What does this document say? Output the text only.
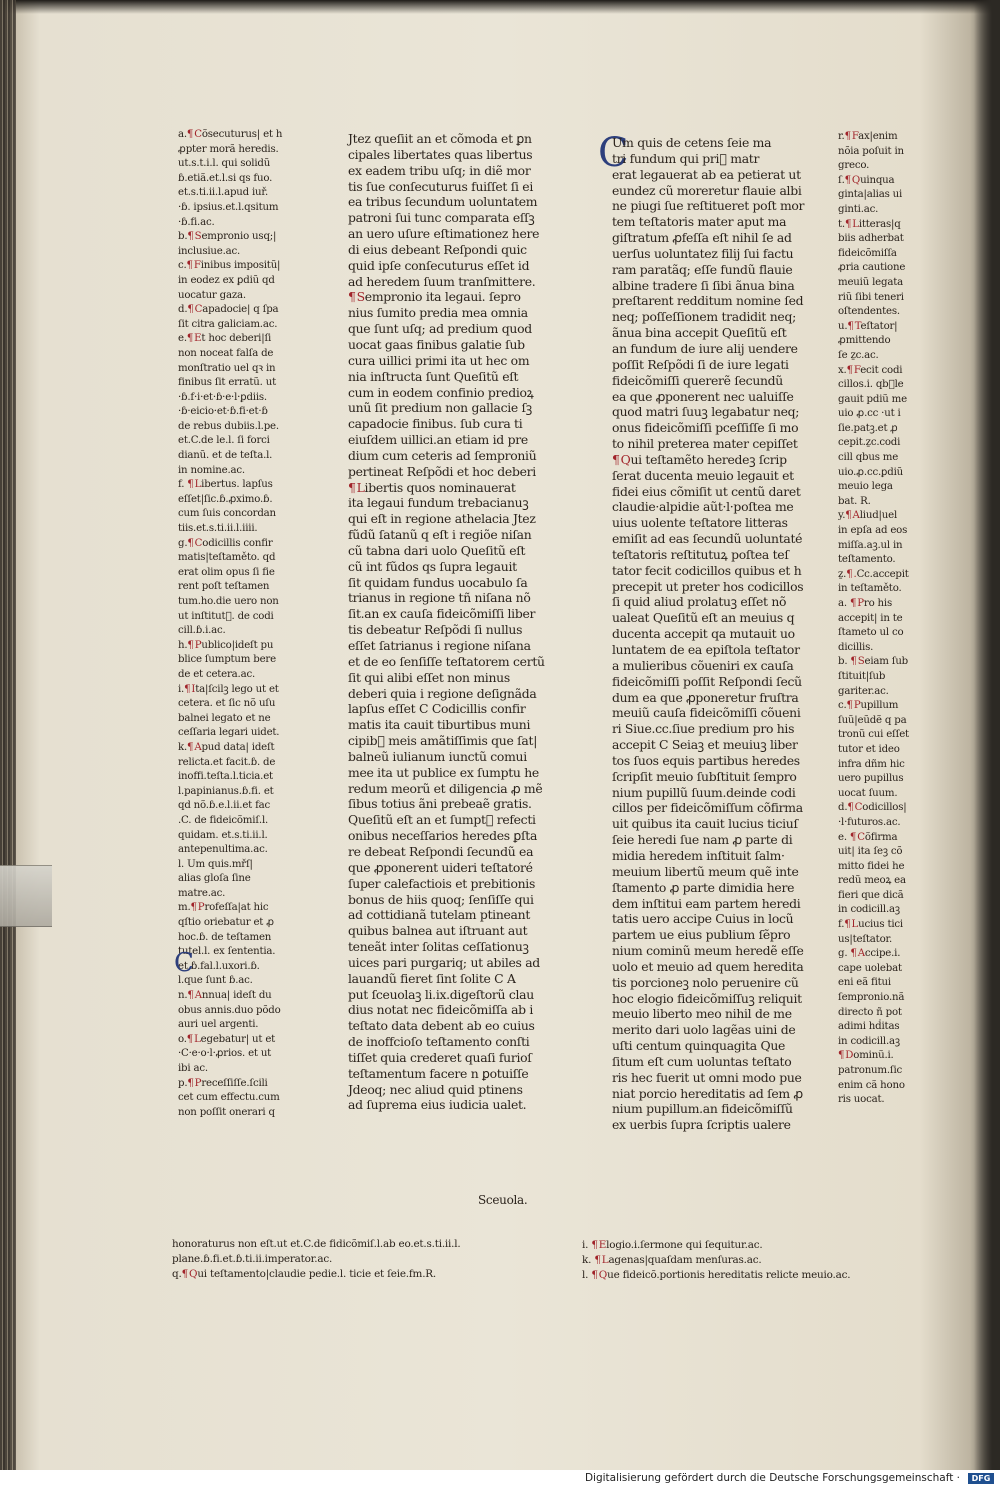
a.¶Cõsecuturus| et h
ꝓpter morã heredis.
ut.s.t.i.l. qui solidũ
ɓ.etiã.et.l.si qs fuo.
et.s.ti.ii.l.apud iuř.
·ɓ. ipsius.et.l.qsitum
·ɓ.fi.ac.
b.¶Sempronio usq;|
inclusiue.ac.
c.¶Finibus impositũ|
in eodez ex ꝑdiũ qd
uocatur gaza.
d.¶Capadocie| q ſpa
ſit citra galiciam.ac.
e.¶Et hoc deberi|ſi
non noceat falſa de
monſtratio uel qꝛ in
finibus ſit erratũ. ut
·ɓ.f·i·et·ɓ·e·l·ꝑdiis.
·ɓ·eicio·et·ɓ.fi·et·ɓ
de rebus dubiis.l.pe.
et.C.de le.l. ſi forci
dianũ. et de teſta.l.
in nomine.ac.
f. ¶Libertus. lapſus
eſſet|ſic.ɓ.ꝓximo.ɓ.
cum ſuis concordan
tiis.et.s.ti.ii.l.iiii.
g.¶Codicillis confir
matis|teſtaměto. qd
erat olim opus ſi fie
rent poſt teſtamen
tum.ho.die uero non
ut inſtitut᷑. de codi
cill.ɓ.i.ac.
h.¶Publico|ideſt pu
blice ſumptum bere
de et cetera.ac.
i.¶Ita|ſcilꝫ lego ut et
cetera. et ſic nõ uſu
balnei legato et ne
ceſſaria legari uidet.
k.¶Apud data| ideſt
relicta.et facit.ɓ. de
inoffi.teſta.l.ticia.et
l.papinianus.ɓ.fi. et
qd nõ.ɓ.e.l.ii.et fac
.C. de fideicõmiſ.l.
quidam. et.s.ti.ii.l.
antepenultima.ac.
l. Um quis.mřſ|
alias gloſa ſine
matre.ac.
m.¶Profeſſa|at hic
qſtio oriebatur et ꝓ
hoc.ɓ. de teſtamen
tutel.l. ex ſententia.
et.ɓ.fal.l.uxori.ɓ.
l.que ſunt ɓ.ac.
n.¶Annua| ideſt du
obus annis.duo põdo
auri uel argenti.
o.¶Legebatur| ut et
·C·e·o·l·ꝓrios. et ut
ibi ac.
p.¶Preceſſiſſe.ſcili
cet cum effectu.cum
non poſſit onerari q
Jtez queſiit an et cõmoda et ꝑn
cipales libertates quas libertus
ex eadem tribu uſq; in diẽ mor
tis ſue conſecuturus fuiſſet ſi ei
ea tribus ſecundum uoluntatem
patroni ſui tunc comparata eſſꝫ
an uero uſure eſtimationez here
di eius debeant Reſpondi quic
quid ipſe conſecuturus eſſet id
ad heredem ſuum tranſmittere.
¶Sempronio ita legaui. ſepro
nius ſumito predia mea omnia
que ſunt uſq; ad predium quod
uocat gaas finibus galatie ſub
cura uillici primi ita ut hec om
nia inſtructa ſunt Queſitũ eſt
cum in eodem confinio predioꝝ
unũ ſit predium non gallacie ſꝫ
capadocie finibus. ſub cura ti
eiuſdem uillici.an etiam id pre
dium cum ceteris ad ſemproniũ
pertineat Reſpõdi et hoc deberi
¶Libertis quos nominauerat
ita legaui fundum trebacianuꝫ
qui eſt in regione athelacia Jtez
fũdũ ſatanũ q eſt i regiõe niſan
cũ tabna dari uolo Queſitũ eſt
cũ int fũdos qs ſupra legauit
ſit quidam fundus uocabulo ſa
trianus in regione tñ niſana nõ
ſit.an ex cauſa fideicõmiſſi liber
tis debeatur Reſpõdi ſi nullus
eſſet ſatrianus i regione niſana
et de eo ſenſiſſe teſtatorem certũ
ſit qui alibi eſſet non minus
deberi quia i regione deſignãda
lapſus eſſet C Codicillis confir
matis ita cauit tiburtibus muni
cipib᷒ meis amãtiſſimis que ſat|
balneũ iulianum iunctũ comui
mee ita ut publice ex ſumptu he
redum meorũ et diligencia ꝓ mẽ
ſibus totius ãni prebeaẽ gratis.
Queſitũ eſt an et ſumpt᷒ refecti
onibus neceſſarios heredes ꝑſta
re debeat Reſpondi ſecundũ ea
que ꝓponerent uideri teſtatoré
ſuper calefactiois et prebitionis
bonus de hiis quoq; ſenſiſſe qui
ad cottidianã tutelam ptineant
quibus balnea aut iſtruant aut
teneãt inter ſolitas ceſſationuꝫ
uices pari purgariq; ut abiles ad
lauandũ fieret ſint ſolite C A
put ſceuolaꝫ li.ix.digeſtorũ clau
dius notat nec fideicõmiſſa ab i
teſtato data debent ab eo cuius
de inoffcioſo teſtamento conſti
tiſſet quia crederet quaſi furioſ
teſtamentum facere n ꝑotuiſſe
Jdeoq; nec aliud quid ptinens
ad ſuprema eius iudicia ualet.
Sceuola.
C
C
Um quis de cetens ſeie ma
tri fundum qui pri᷒ matr
erat legauerat ab ea petierat ut
eundez cũ moreretur flauie albi
ne piugi ſue reſtitueret poſt mor
tem teſtatoris mater aput ma
giſtratum ꝓfeſſa eſt nihil ſe ad
uerſus uoluntatez filij ſui factu
ram paratãq; eſſe fundũ flauie
albine tradere ſi ſibi ãnua bina
preſtarent redditum nomine ſed
neq; poſſeſſionem tradidit neq;
ãnua bina accepit Queſitũ eſt
an fundum de iure alij uendere
poſſit Reſpõdi ſi de iure legati
fideicõmiſſi quererẽ ſecundũ
ea que ꝓponerent nec ualuiſſe
quod matri ſuuꝫ legabatur neq;
onus fideicõmiſſi pceſſiſſe ſi mo
to nihil preterea mater cepiſſet
¶Qui teſtamẽto heredeꝫ ſcrip
ſerat ducenta meuio legauit et
fidei eius cõmiſit ut centũ daret
claudie·alpidie aũt·l·poſtea me
uius uolente teſtatore litteras
emiſit ad eas ſecundũ uoluntaté
teſtatoris reſtitutuꝝ poſtea teſ
tator fecit codicillos quibus et h
precepit ut preter hos codicillos
ſi quid aliud prolatuꝫ eſſet nõ
ualeat Queſitũ eſt an meuius q
ducenta accepit qa mutauit uo
luntatem de ea epiſtola teſtator
a mulieribus cõueniri ex cauſa
fideicõmiſſi poſſit Reſpondi ſecũ
dum ea que ꝓponeretur fruſtra
meuiũ cauſa fideicõmiſſi cõueni
ri Siue.cc.ſiue predium pro his
accepit C Seiaꝫ et meuiuꝫ liber
tos ſuos equis partibus heredes
ſcripſit meuio ſubſtituit ſempro
nium pupillũ ſuum.deinde codi
cillos per fideicõmiſſum cõfirma
uit quibus ita cauit lucius ticiuſ
ſeie heredi ſue nam ꝓ parte di
midia heredem inſtituit ſalm·
meuium libertũ meum quẽ inte
ſtamento ꝓ parte dimidia here
dem inſtitui eam partem heredi
tatis uero accipe Cuius in locũ
partem ue eius publium ſẽpro
nium cominũ meum heredẽ eſſe
uolo et meuio ad quem heredita
tis porcioneꝫ nolo peruenire cũ
hoc elogio fideicõmiſſuꝫ reliquit
meuio liberto meo nihil de me
merito dari uolo lagẽas uini de
uſti centum quinquagita Que
ſitum eſt cum uoluntas teſtato
ris hec fuerit ut omni modo pue
niat porcio hereditatis ad ſem ꝓ
nium pupillum.an fideicõmiſſũ
ex uerbis ſupra ſcriptis ualere
r.¶Fax|enim
nõia poſuit in
greco.
ſ.¶Quinqua
ginta|alias ui
ginti.ac.
t.¶Litteras|q
biis adherbat
fideicõmiſſa
ꝓria cautione
meuiũ legata
riũ ſibi teneri
oſtendentes.
u.¶Teſtator|
ꝓmittendo
ſe ẕc.ac.
x.¶Fecit codi
cillos.i. qb᷒le
gauit pdiũ me
uio ꝓ.cc ·ut i
ſie.patꝫ.et ꝓ
cepit.ẕc.codi
cill qbus me
uio.ꝓ.cc.ꝑdiũ
meuio lega
bat. R.
y.¶Aliud|uel
in epſa ad eos
miſſa.aꝫ.ul in
teſtamento.
ẕ.¶.Cc.accepit
in teſtaměto.
a. ¶Pro his
accepit| in te
ſtameto ul co
dicillis.
b. ¶Seiam ſub
ſtituit|ſub
gariter.ac.
c.¶Pupillum
ſuũ|eũdẽ q pa
tronũ cui eſſet
tutor et ideo
infra dñm hic
uero pupillus
uocat ſuum.
d.¶Codicillos|
·l·futuros.ac.
e. ¶Cõfirma
uit| ita ſeꝫ cõ
mitto fidei he
redũ meoꝝ ea
fieri que dicã
in codicill.aꝫ
f.¶Lucius tici
us|teſtator.
g. ¶Accipe.i.
cape uolebat
eni eã fitui
ſempronio.nã
directo ñ pot
adimi hḋitas
in codicill.aꝫ
¶Dominũ.i.
patronum.ſic
enim cã hono
ris uocat.
honoraturus non eſt.ut et.C.de fidicõmiſ.l.ab eo.et.s.ti.ii.l.
plane.ɓ.fi.et.ɓ.ti.ii.imperator.ac.
q.¶Qui teſtamento|claudie pedie.l. ticie et ſeie.fm.R.
i. ¶Elogio.i.ſermone qui ſequitur.ac.
k. ¶Lagenas|quaſdam menſuras.ac.
l. ¶Que fideicõ.portionis hereditatis relicte meuio.ac.
Digitalisierung gefördert durch die Deutsche Forschungsgemeinschaft ·	DFG
